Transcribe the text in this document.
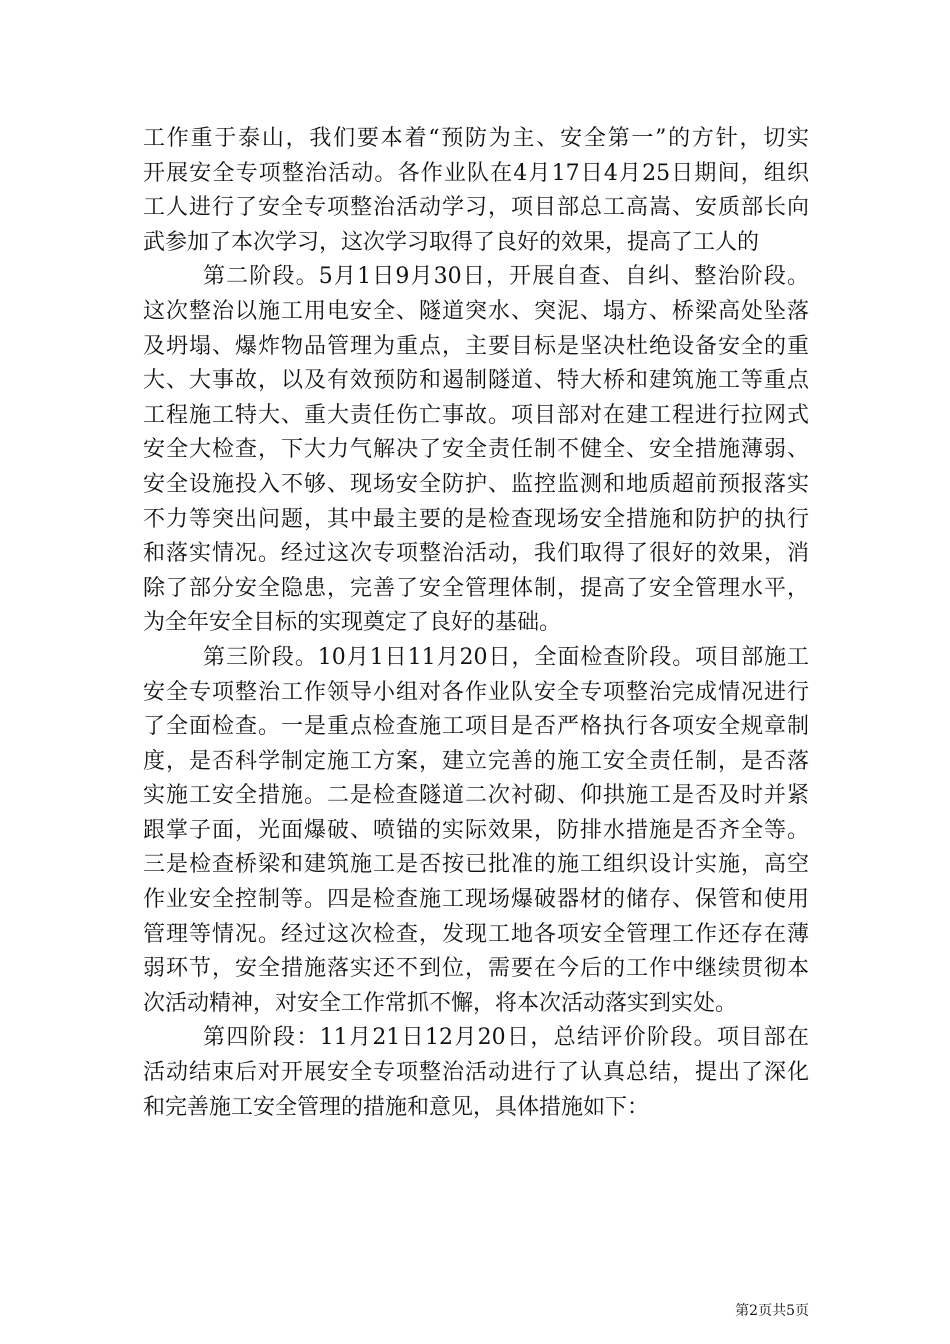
工作重于泰山，我们要本着“预防为主、安全第一”的方针，切实
开展安全专项整治活动。各作业队在4月17日4月25日期间，组织
工人进行了安全专项整治活动学习，项目部总工高嵩、安质部长向
武参加了本次学习，这次学习取得了良好的效果，提高了工人的
第二阶段。5月1日9月30日，开展自查、自纠、整治阶段。
这次整治以施工用电安全、隧道突水、突泥、塌方、桥梁高处坠落
及坍塌、爆炸物品管理为重点，主要目标是坚决杜绝设备安全的重
大、大事故，以及有效预防和遏制隧道、特大桥和建筑施工等重点
工程施工特大、重大责任伤亡事故。项目部对在建工程进行拉网式
安全大检查，下大力气解决了安全责任制不健全、安全措施薄弱、
安全设施投入不够、现场安全防护、监控监测和地质超前预报落实
不力等突出问题，其中最主要的是检查现场安全措施和防护的执行
和落实情况。经过这次专项整治活动，我们取得了很好的效果，消
除了部分安全隐患，完善了安全管理体制，提高了安全管理水平，
为全年安全目标的实现奠定了良好的基础。
第三阶段。10月1日11月20日，全面检查阶段。项目部施工
安全专项整治工作领导小组对各作业队安全专项整治完成情况进行
了全面检查。一是重点检查施工项目是否严格执行各项安全规章制
度，是否科学制定施工方案，建立完善的施工安全责任制，是否落
实施工安全措施。二是检查隧道二次衬砌、仰拱施工是否及时并紧
跟掌子面，光面爆破、喷锚的实际效果，防排水措施是否齐全等。
三是检查桥梁和建筑施工是否按已批准的施工组织设计实施，高空
作业安全控制等。四是检查施工现场爆破器材的储存、保管和使用
管理等情况。经过这次检查，发现工地各项安全管理工作还存在薄
弱环节，安全措施落实还不到位，需要在今后的工作中继续贯彻本
次活动精神，对安全工作常抓不懈，将本次活动落实到实处。
第四阶段：11月21日12月20日，总结评价阶段。项目部在
活动结束后对开展安全专项整治活动进行了认真总结，提出了深化
和完善施工安全管理的措施和意见，具体措施如下：
第2页共5页
